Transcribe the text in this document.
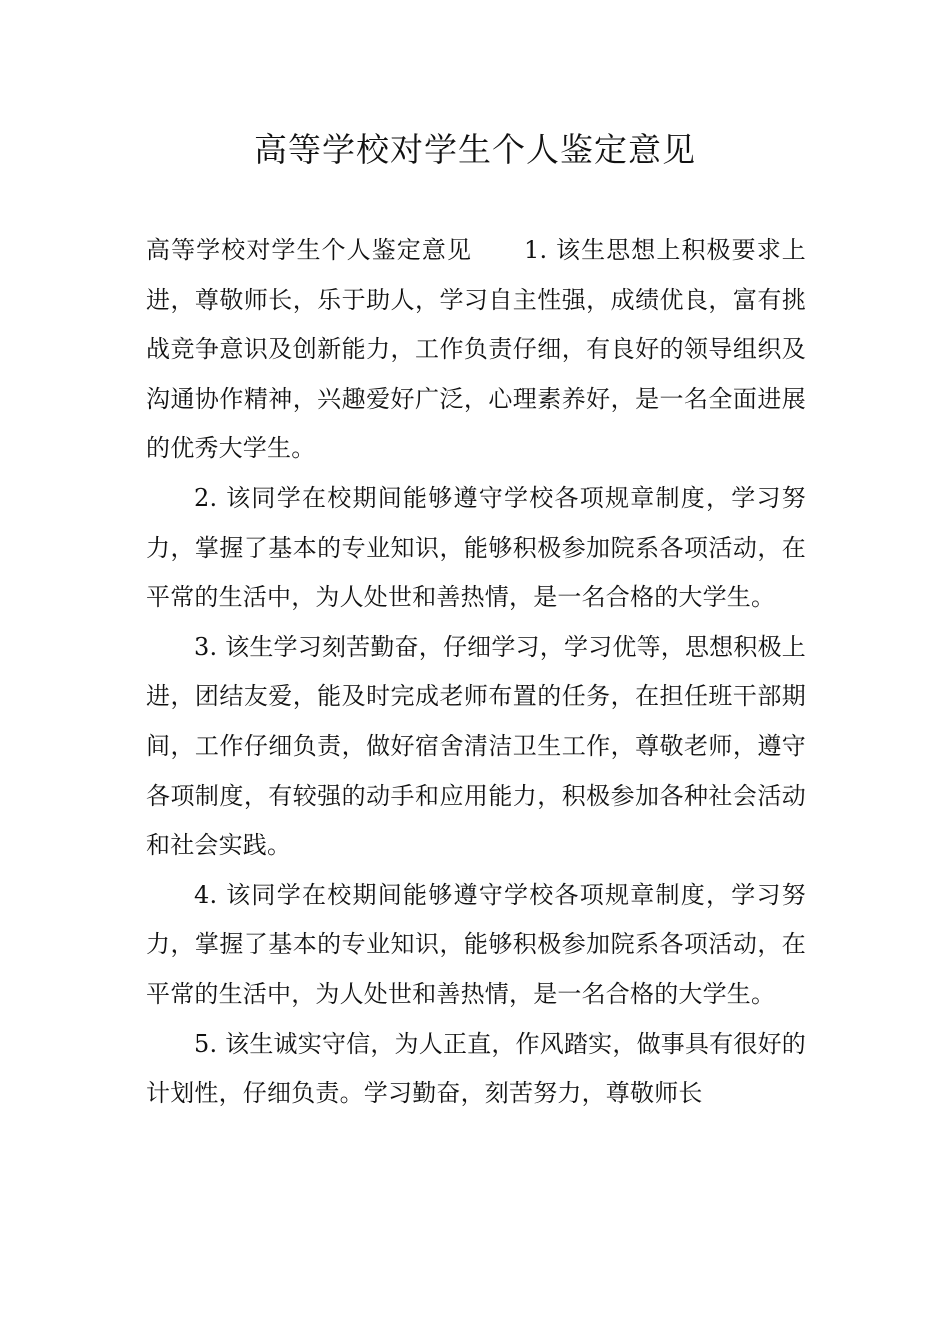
高等学校对学生个人鉴定意见

高等学校对学生个人鉴定意见 1. 该生思想上积极要求上进，尊敬师长，乐于助人，学习自主性强，成绩优良，富有挑战竞争意识及创新能力，工作负责仔细，有良好的领导组织及沟通协作精神，兴趣爱好广泛，心理素养好，是一名全面进展的优秀大学生。

2. 该同学在校期间能够遵守学校各项规章制度，学习努力，掌握了基本的专业知识，能够积极参加院系各项活动，在平常的生活中，为人处世和善热情，是一名合格的大学生。

3. 该生学习刻苦勤奋，仔细学习，学习优等，思想积极上进，团结友爱，能及时完成老师布置的任务，在担任班干部期间，工作仔细负责，做好宿舍清洁卫生工作，尊敬老师，遵守各项制度，有较强的动手和应用能力，积极参加各种社会活动和社会实践。

4. 该同学在校期间能够遵守学校各项规章制度，学习努力，掌握了基本的专业知识，能够积极参加院系各项活动，在平常的生活中，为人处世和善热情，是一名合格的大学生。

5. 该生诚实守信，为人正直，作风踏实，做事具有很好的计划性，仔细负责。学习勤奋，刻苦努力，尊敬师长
